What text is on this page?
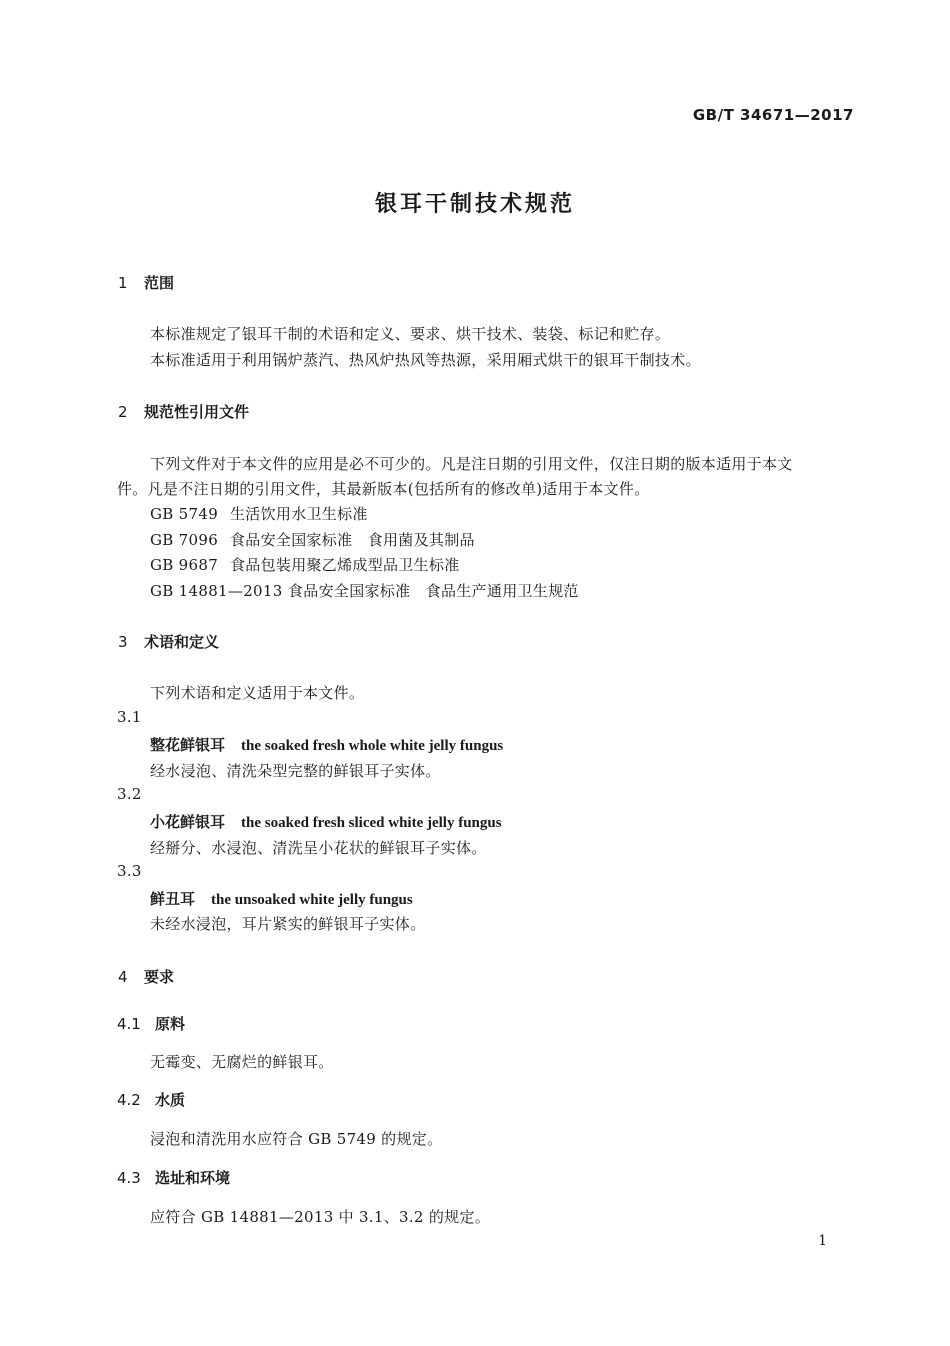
GB/T 34671—2017
银耳干制技术规范
1 范围
本标准规定了银耳干制的术语和定义、要求、烘干技术、装袋、标记和贮存。
本标准适用于利用锅炉蒸汽、热风炉热风等热源，采用厢式烘干的银耳干制技术。
2 规范性引用文件
下列文件对于本文件的应用是必不可少的。凡是注日期的引用文件，仅注日期的版本适用于本文
件。凡是不注日期的引用文件，其最新版本(包括所有的修改单)适用于本文件。
GB 5749 生活饮用水卫生标准
GB 7096 食品安全国家标准　食用菌及其制品
GB 9687 食品包装用聚乙烯成型品卫生标准
GB 14881—2013 食品安全国家标准　食品生产通用卫生规范
3 术语和定义
下列术语和定义适用于本文件。
3.1
整花鲜银耳 the soaked fresh whole white jelly fungus
经水浸泡、清洗朵型完整的鲜银耳子实体。
3.2
小花鲜银耳 the soaked fresh sliced white jelly fungus
经掰分、水浸泡、清洗呈小花状的鲜银耳子实体。
3.3
鲜丑耳 the unsoaked white jelly fungus
未经水浸泡，耳片紧实的鲜银耳子实体。
4 要求
4.1 原料
无霉变、无腐烂的鲜银耳。
4.2 水质
浸泡和清洗用水应符合 GB 5749 的规定。
4.3 选址和环境
应符合 GB 14881—2013 中 3.1、3.2 的规定。
1
